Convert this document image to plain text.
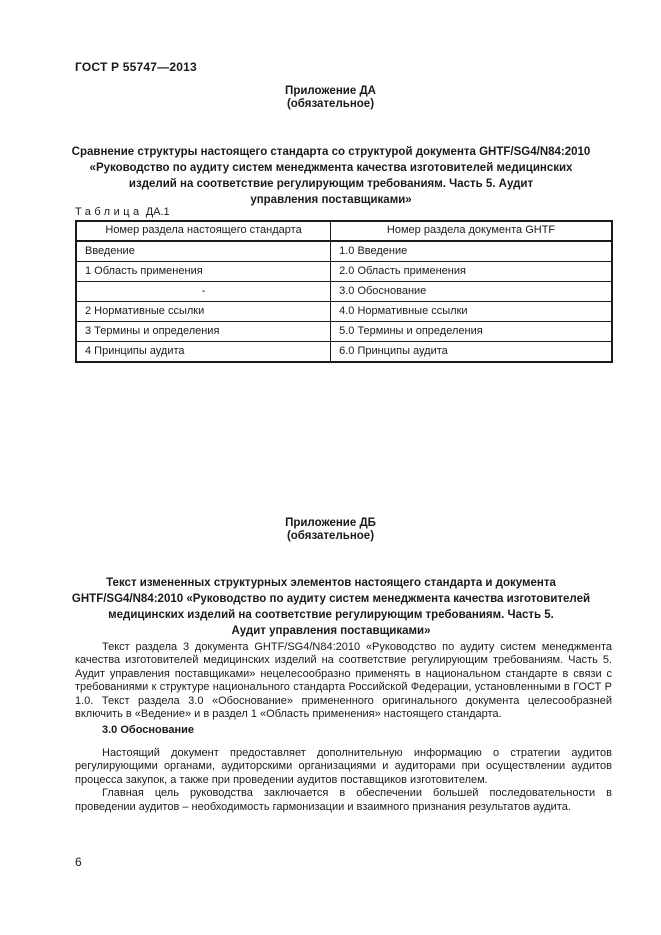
ГОСТ Р 55747—2013
Приложение ДА
(обязательное)
Сравнение структуры настоящего стандарта со структурой документа GHTF/SG4/N84:2010
«Руководство по аудиту систем менеджмента качества изготовителей медицинских
изделий на соответствие регулирующим требованиям. Часть 5. Аудит
управления поставщиками»
Таблица ДА.1
Номер раздела настоящего стандарта	Номер раздела документа GHTF
Введение	1.0 Введение
1 Область применения	2.0 Область применения
-	3.0 Обоснование
2 Нормативные ссылки	4.0 Нормативные ссылки
3 Термины и определения	5.0 Термины и определения
4 Принципы аудита	6.0 Принципы аудита
Приложение ДБ
(обязательное)
Текст измененных структурных элементов настоящего стандарта и документа
GHTF/SG4/N84:2010 «Руководство по аудиту систем менеджмента качества изготовителей
медицинских изделий на соответствие регулирующим требованиям. Часть 5.
Аудит управления поставщиками»

Текст раздела 3 документа GHTF/SG4/N84:2010 «Руководство по аудиту систем менеджмента качества изготовителей медицинских изделий на соответствие регулирующим требованиям. Часть 5. Аудит управления поставщиками» нецелесообразно применять в национальном стандарте в связи с требованиями к структуре национального стандарта Российской Федерации, установленными в ГОСТ Р 1.0. Текст раздела 3.0 «Обоснование» примененного оригинального документа целесообразней включить в «Ведение» и в раздел 1 «Область применения» настоящего стандарта.

3.0 Обоснование

Настоящий документ предоставляет дополнительную информацию о стратегии аудитов регулирующими органами, аудиторскими организациями и аудиторами при осуществлении аудитов процесса закупок, а также при проведении аудитов поставщиков изготовителем.

Главная цель руководства заключается в обеспечении большей последовательности в проведении аудитов – необходимость гармонизации и взаимного признания результатов аудита.

6
